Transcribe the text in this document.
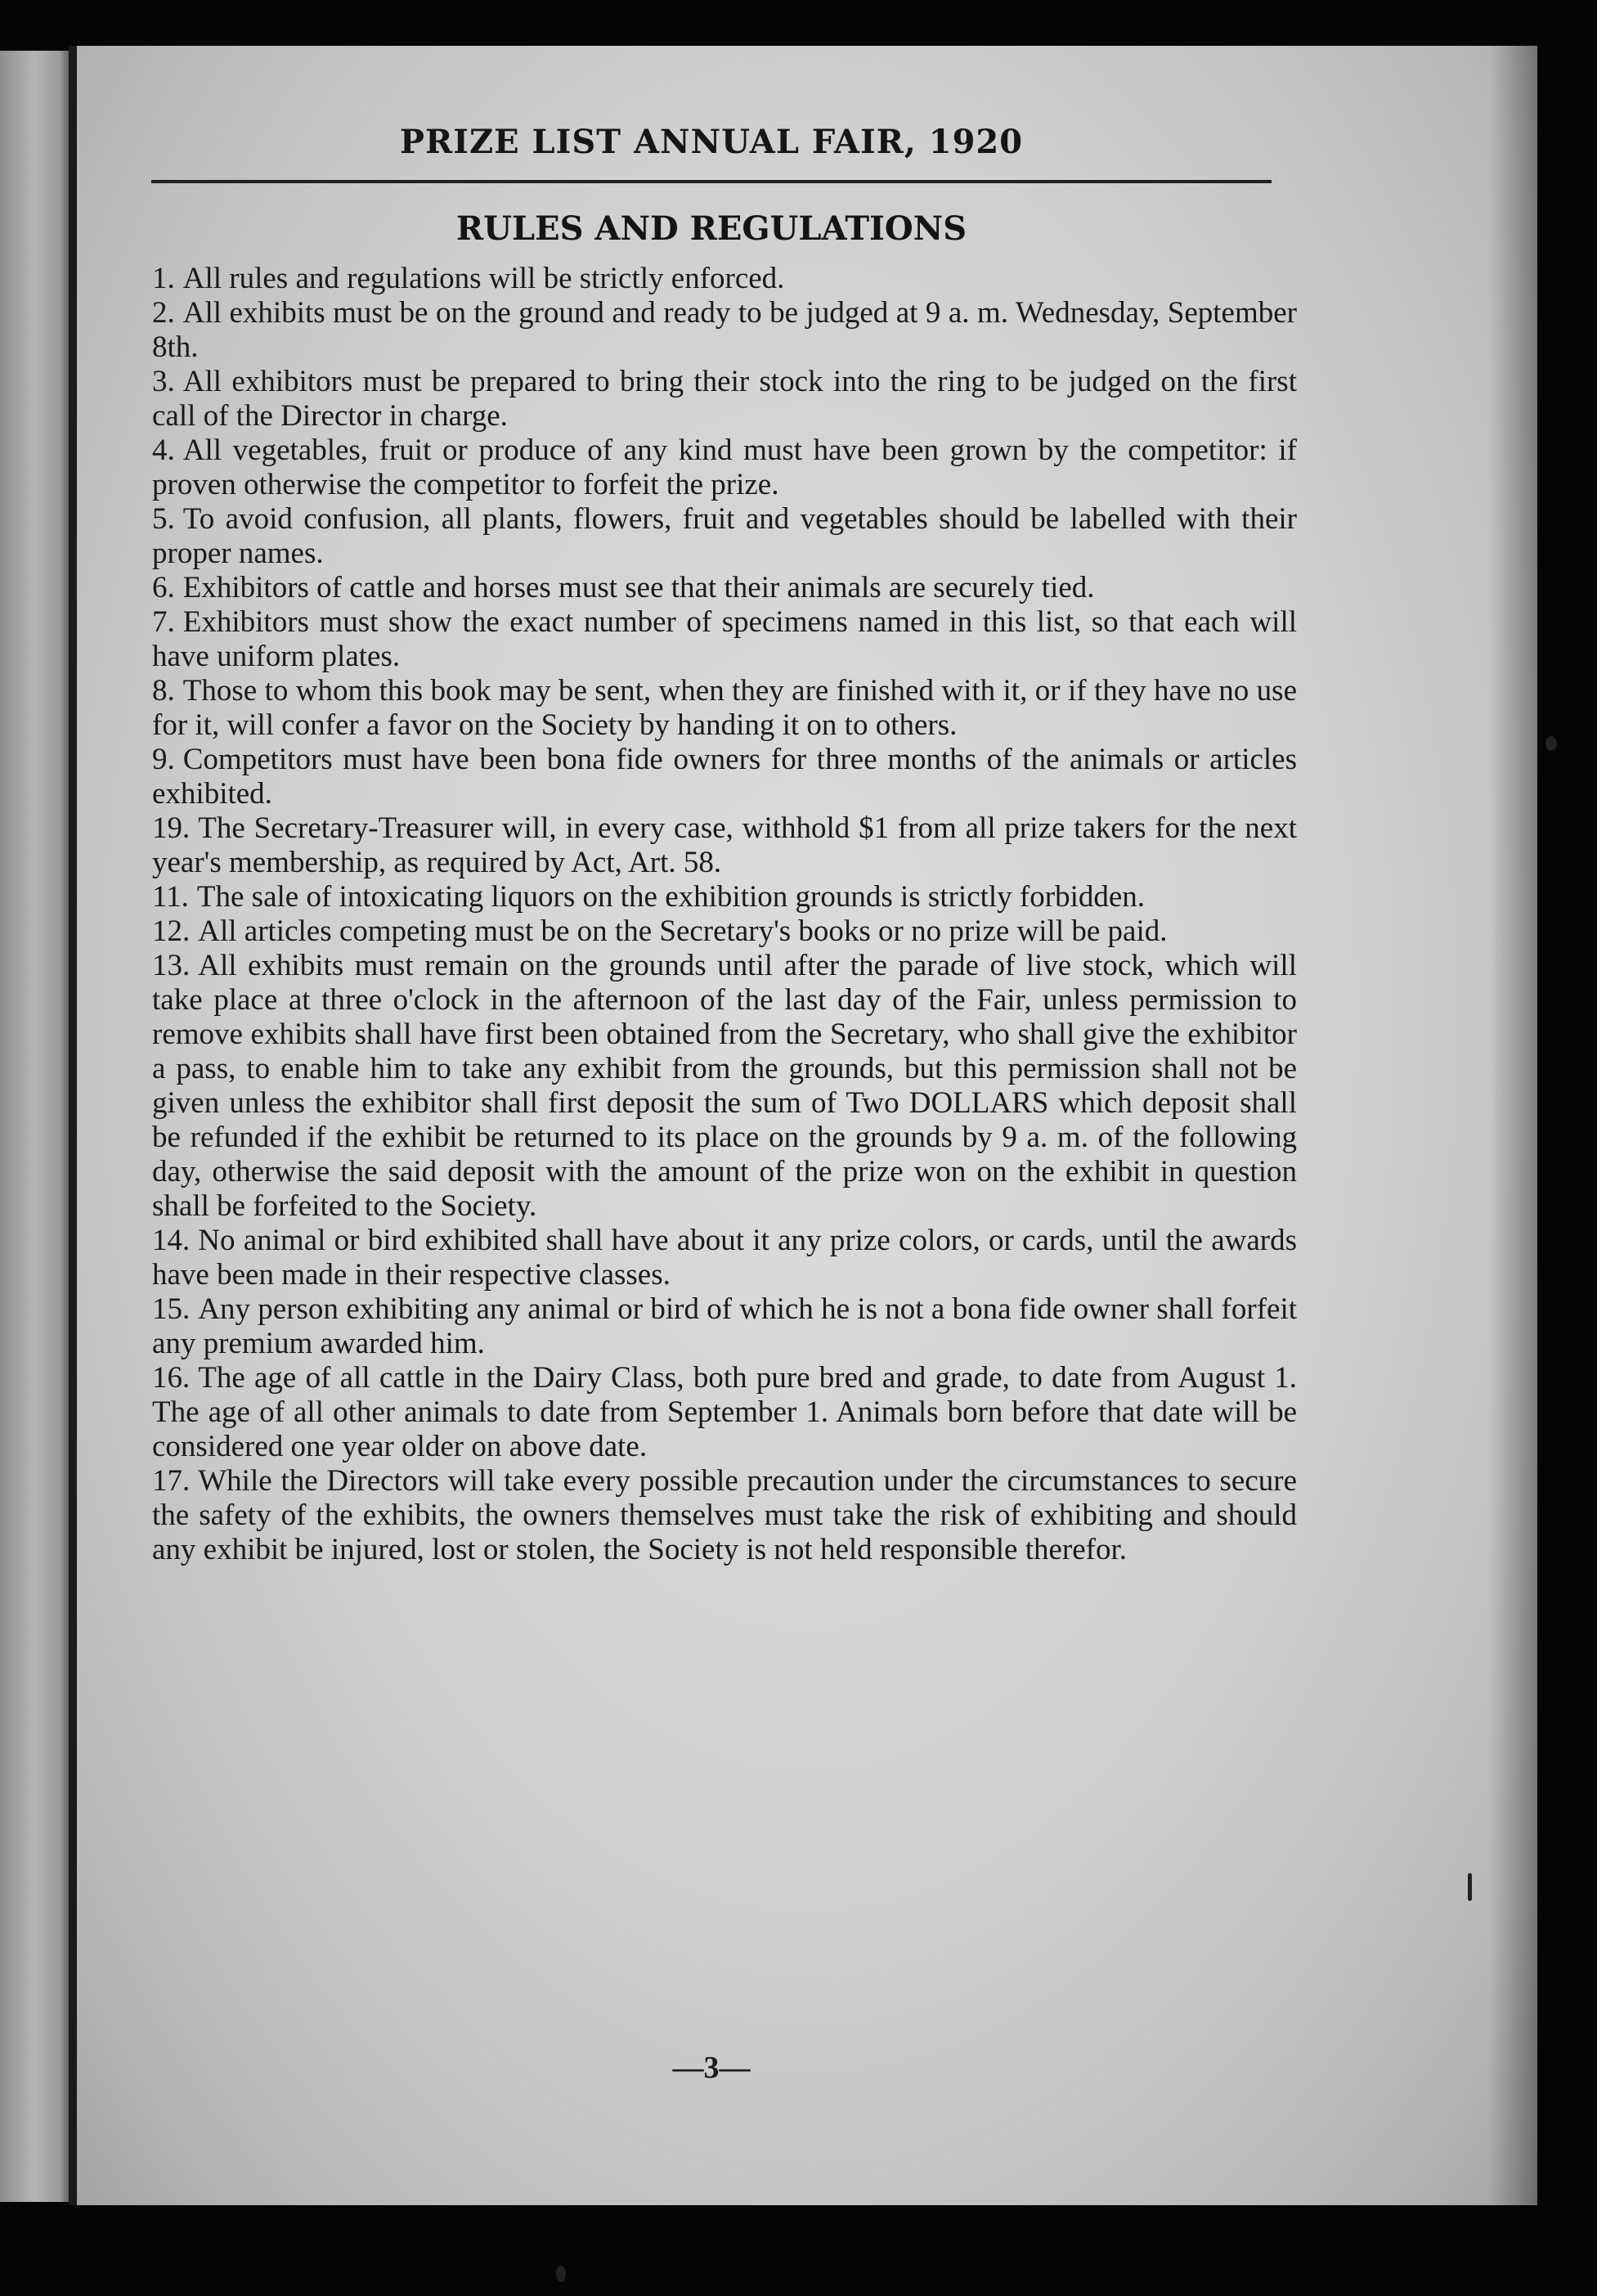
PRIZE LIST ANNUAL FAIR, 1920
RULES AND REGULATIONS

1. All rules and regulations will be strictly enforced.

2. All exhibits must be on the ground and ready to be judged at 9 a. m. Wednesday, September 8th.

3. All exhibitors must be prepared to bring their stock into the ring to be judged on the first call of the Director in charge.

4. All vegetables, fruit or produce of any kind must have been grown by the competitor: if proven otherwise the competitor to forfeit the prize.

5. To avoid confusion, all plants, flowers, fruit and vegetables should be labelled with their proper names.

6. Exhibitors of cattle and horses must see that their animals are securely tied.

7. Exhibitors must show the exact number of specimens named in this list, so that each will have uniform plates.

8. Those to whom this book may be sent, when they are finished with it, or if they have no use for it, will confer a favor on the Society by handing it on to others.

9. Competitors must have been bona fide owners for three months of the animals or articles exhibited.

19. The Secretary-Treasurer will, in every case, withhold $1 from all prize takers for the next year's membership, as required by Act, Art. 58.

11. The sale of intoxicating liquors on the exhibition grounds is strictly forbidden.

12. All articles competing must be on the Secretary's books or no prize will be paid.

13. All exhibits must remain on the grounds until after the parade of live stock, which will take place at three o'clock in the afternoon of the last day of the Fair, unless permission to remove exhibits shall have first been obtained from the Secretary, who shall give the exhibitor a pass, to enable him to take any exhibit from the grounds, but this permission shall not be given unless the exhibitor shall first deposit the sum of Two DOLLARS which deposit shall be refunded if the exhibit be returned to its place on the grounds by 9 a. m. of the following day, otherwise the said deposit with the amount of the prize won on the exhibit in question shall be forfeited to the Society.

14. No animal or bird exhibited shall have about it any prize colors, or cards, until the awards have been made in their respective classes.

15. Any person exhibiting any animal or bird of which he is not a bona fide owner shall forfeit any premium awarded him.

16. The age of all cattle in the Dairy Class, both pure bred and grade, to date from August 1. The age of all other animals to date from September 1. Animals born before that date will be considered one year older on above date.

17. While the Directors will take every possible precaution under the circumstances to secure the safety of the exhibits, the owners themselves must take the risk of exhibiting and should any exhibit be injured, lost or stolen, the Society is not held responsible therefor.

—3—
